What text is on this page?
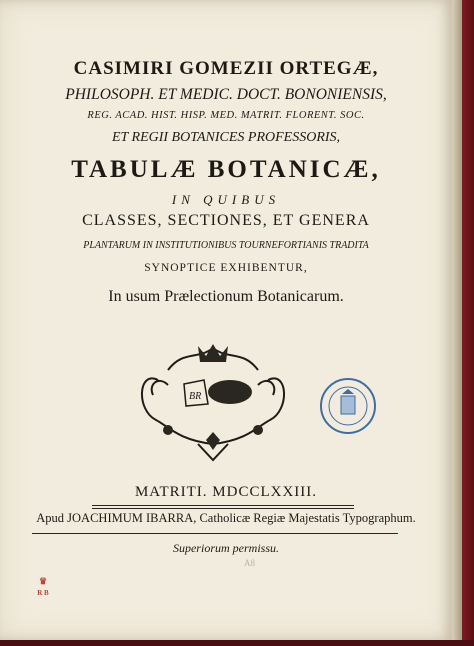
CASIMIRI GOMEZII ORTEGÆ,
PHILOSOPH. ET MEDIC. DOCT. BONONIENSIS,
REG. ACAD. HIST. HISP. MED. MATRIT. FLORENT. SOC.
ET REGII BOTANICES PROFESSORIS,
TABULÆ BOTANICÆ,
IN QUIBUS
CLASSES, SECTIONES, ET GENERA
PLANTARUM IN INSTITUTIONIBUS TOURNEFORTIANIS TRADITA
SYNOPTICE EXHIBENTUR,
In usum Prælectionum Botanicarum.
BR
MATRITI. MDCCLXXIII.
Apud JOACHIMUM IBARRA, Catholicæ Regiæ Majestatis Typographum.
Superiorum permissu.
A8
♛
R B
